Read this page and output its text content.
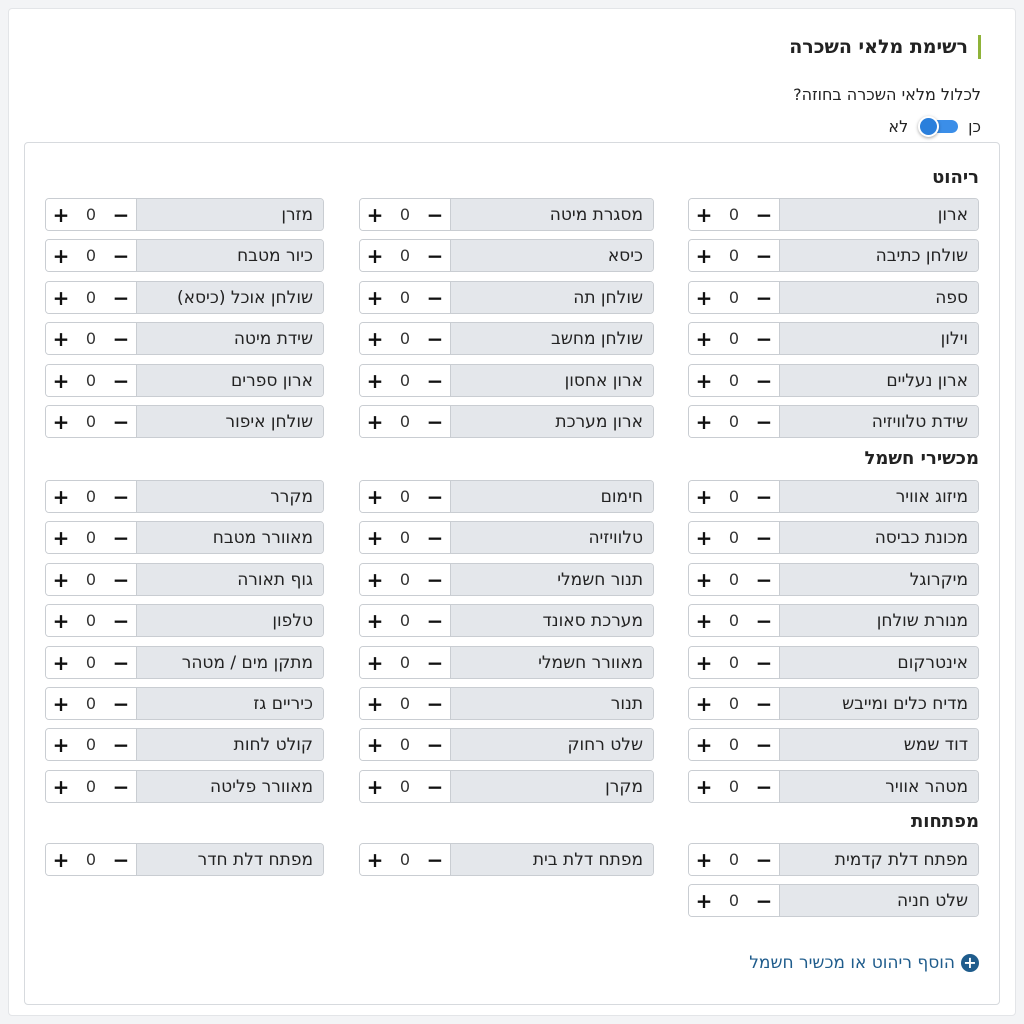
רשימת מלאי השכרה
לכלול מלאי השכרה בחוזה?
כן
לא
ריהוט
מכשירי חשמל
מפתחות
+
הוסף ריהוט או מכשיר חשמל
+	0 −	ארון
+	0 −	מסגרת מיטה
+	0 −	מזרן
+	0 −	שולחן כתיבה
+	0 −	כיסא
+	0 −	כיור מטבח
+	0 −	ספה
+	0 −	שולחן תה
+	0 −	שולחן אוכל (כיסא)
+	0 −	וילון
+	0 −	שולחן מחשב
+	0 −	שידת מיטה
+	0 −	ארון נעליים
+	0 −	ארון אחסון
+	0 −	ארון ספרים
+	0 −	שידת טלוויזיה
+	0 −	ארון מערכת
+	0 −	שולחן איפור
+	0 −	מיזוג אוויר
+	0 −	חימום
+	0 −	מקרר
+	0 −	מכונת כביסה
+	0 −	טלוויזיה
+	0 −	מאוורר מטבח
+	0 −	מיקרוגל
+	0 −	תנור חשמלי
+	0 −	גוף תאורה
+	0 −	מנורת שולחן
+	0 −	מערכת סאונד
+	0 −	טלפון
+	0 −	אינטרקום
+	0 −	מאוורר חשמלי
+	0 −	מתקן מים / מטהר
+	0 −	מדיח כלים ומייבש
+	0 −	תנור
+	0 −	כיריים גז
+	0 −	דוד שמש
+	0 −	שלט רחוק
+	0 −	קולט לחות
+	0 −	מטהר אוויר
+	0 −	מקרן
+	0 −	מאוורר פליטה
+	0 −	מפתח דלת קדמית
+	0 −	מפתח דלת בית
+	0 −	מפתח דלת חדר
+	0 −	שלט חניה
